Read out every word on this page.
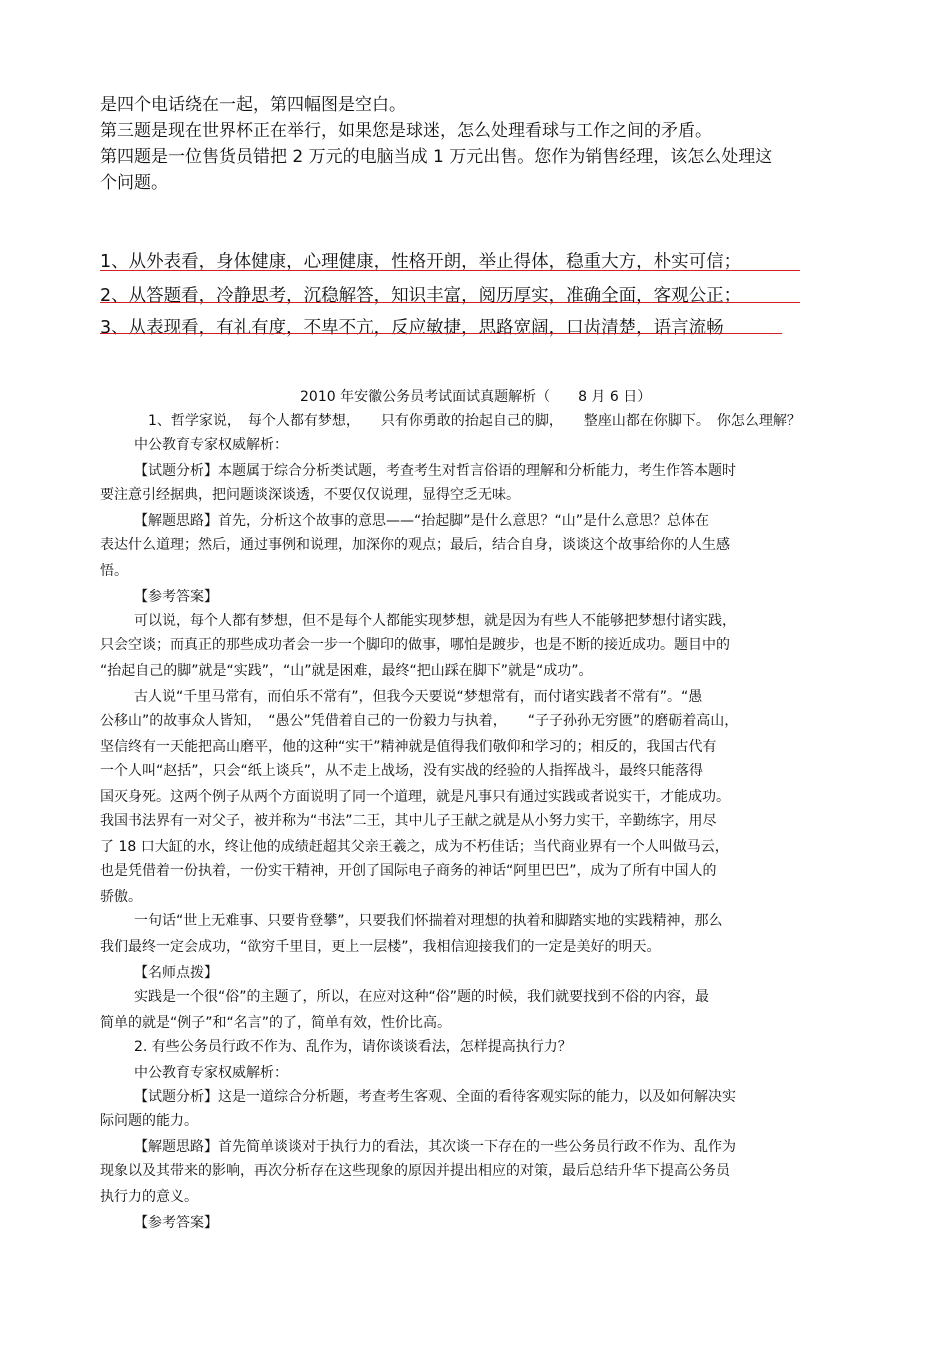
是四个电话绕在一起，第四幅图是空白。
第三题是现在世界杯正在举行，如果您是球迷，怎么处理看球与工作之间的矛盾。
第四题是一位售货员错把 2 万元的电脑当成 1 万元出售。您作为销售经理，该怎么处理这
个问题。
1、从外表看，身体健康，心理健康，性格开朗，举止得体，稳重大方，朴实可信；
2、从答题看，冷静思考，沉稳解答，知识丰富，阅历厚实，准确全面，客观公正；
3、从表现看，有礼有度，不卑不亢，反应敏捷，思路宽阔，口齿清楚，语言流畅
2010 年安徽公务员考试面试真题解析（　　8 月 6 日）
1、哲学家说，　每个人都有梦想，　　只有你勇敢的抬起自己的脚，　　整座山都在你脚下。　你怎么理解？
中公教育专家权威解析：
【试题分析】本题属于综合分析类试题，考查考生对哲言俗语的理解和分析能力，考生作答本题时
要注意引经据典，把问题谈深谈透，不要仅仅说理，显得空乏无味。
【解题思路】首先，分析这个故事的意思——“抬起脚”是什么意思？“山”是什么意思？总体在
表达什么道理；然后，通过事例和说理，加深你的观点；最后，结合自身，谈谈这个故事给你的人生感
悟。
【参考答案】
可以说，每个人都有梦想，但不是每个人都能实现梦想，就是因为有些人不能够把梦想付诸实践，
只会空谈；而真正的那些成功者会一步一个脚印的做事，哪怕是踱步，也是不断的接近成功。题目中的
“抬起自己的脚”就是“实践”，“山”就是困难，最终“把山踩在脚下”就是“成功”。
古人说“千里马常有，而伯乐不常有”，但我今天要说“梦想常有，而付诸实践者不常有”。“愚
公移山”的故事众人皆知，　“愚公”凭借着自己的一份毅力与执着，　　“子子孙孙无穷匮”的磨砺着高山，
坚信终有一天能把高山磨平，他的这种“实干”精神就是值得我们敬仰和学习的；相反的，我国古代有
一个人叫“赵括”，只会“纸上谈兵”，从不走上战场，没有实战的经验的人指挥战斗，最终只能落得
国灭身死。这两个例子从两个方面说明了同一个道理，就是凡事只有通过实践或者说实干，才能成功。
我国书法界有一对父子，被并称为“书法”二王，其中儿子王献之就是从小努力实干，辛勤练字，用尽
了 18 口大缸的水，终让他的成绩赶超其父亲王羲之，成为不朽佳话；当代商业界有一个人叫做马云，
也是凭借着一份执着，一份实干精神，开创了国际电子商务的神话“阿里巴巴”，成为了所有中国人的
骄傲。
一句话“世上无难事、只要肯登攀”，只要我们怀揣着对理想的执着和脚踏实地的实践精神，那么
我们最终一定会成功，“欲穷千里目，更上一层楼”，我相信迎接我们的一定是美好的明天。
【名师点拨】
实践是一个很“俗”的主题了，所以，在应对这种“俗”题的时候，我们就要找到不俗的内容，最
简单的就是“例子”和“名言”的了，简单有效，性价比高。
2. 有些公务员行政不作为、乱作为，请你谈谈看法，怎样提高执行力？
中公教育专家权威解析：
【试题分析】这是一道综合分析题，考查考生客观、全面的看待客观实际的能力，以及如何解决实
际问题的能力。
【解题思路】首先简单谈谈对于执行力的看法，其次谈一下存在的一些公务员行政不作为、乱作为
现象以及其带来的影响，再次分析存在这些现象的原因并提出相应的对策，最后总结升华下提高公务员
执行力的意义。
【参考答案】
